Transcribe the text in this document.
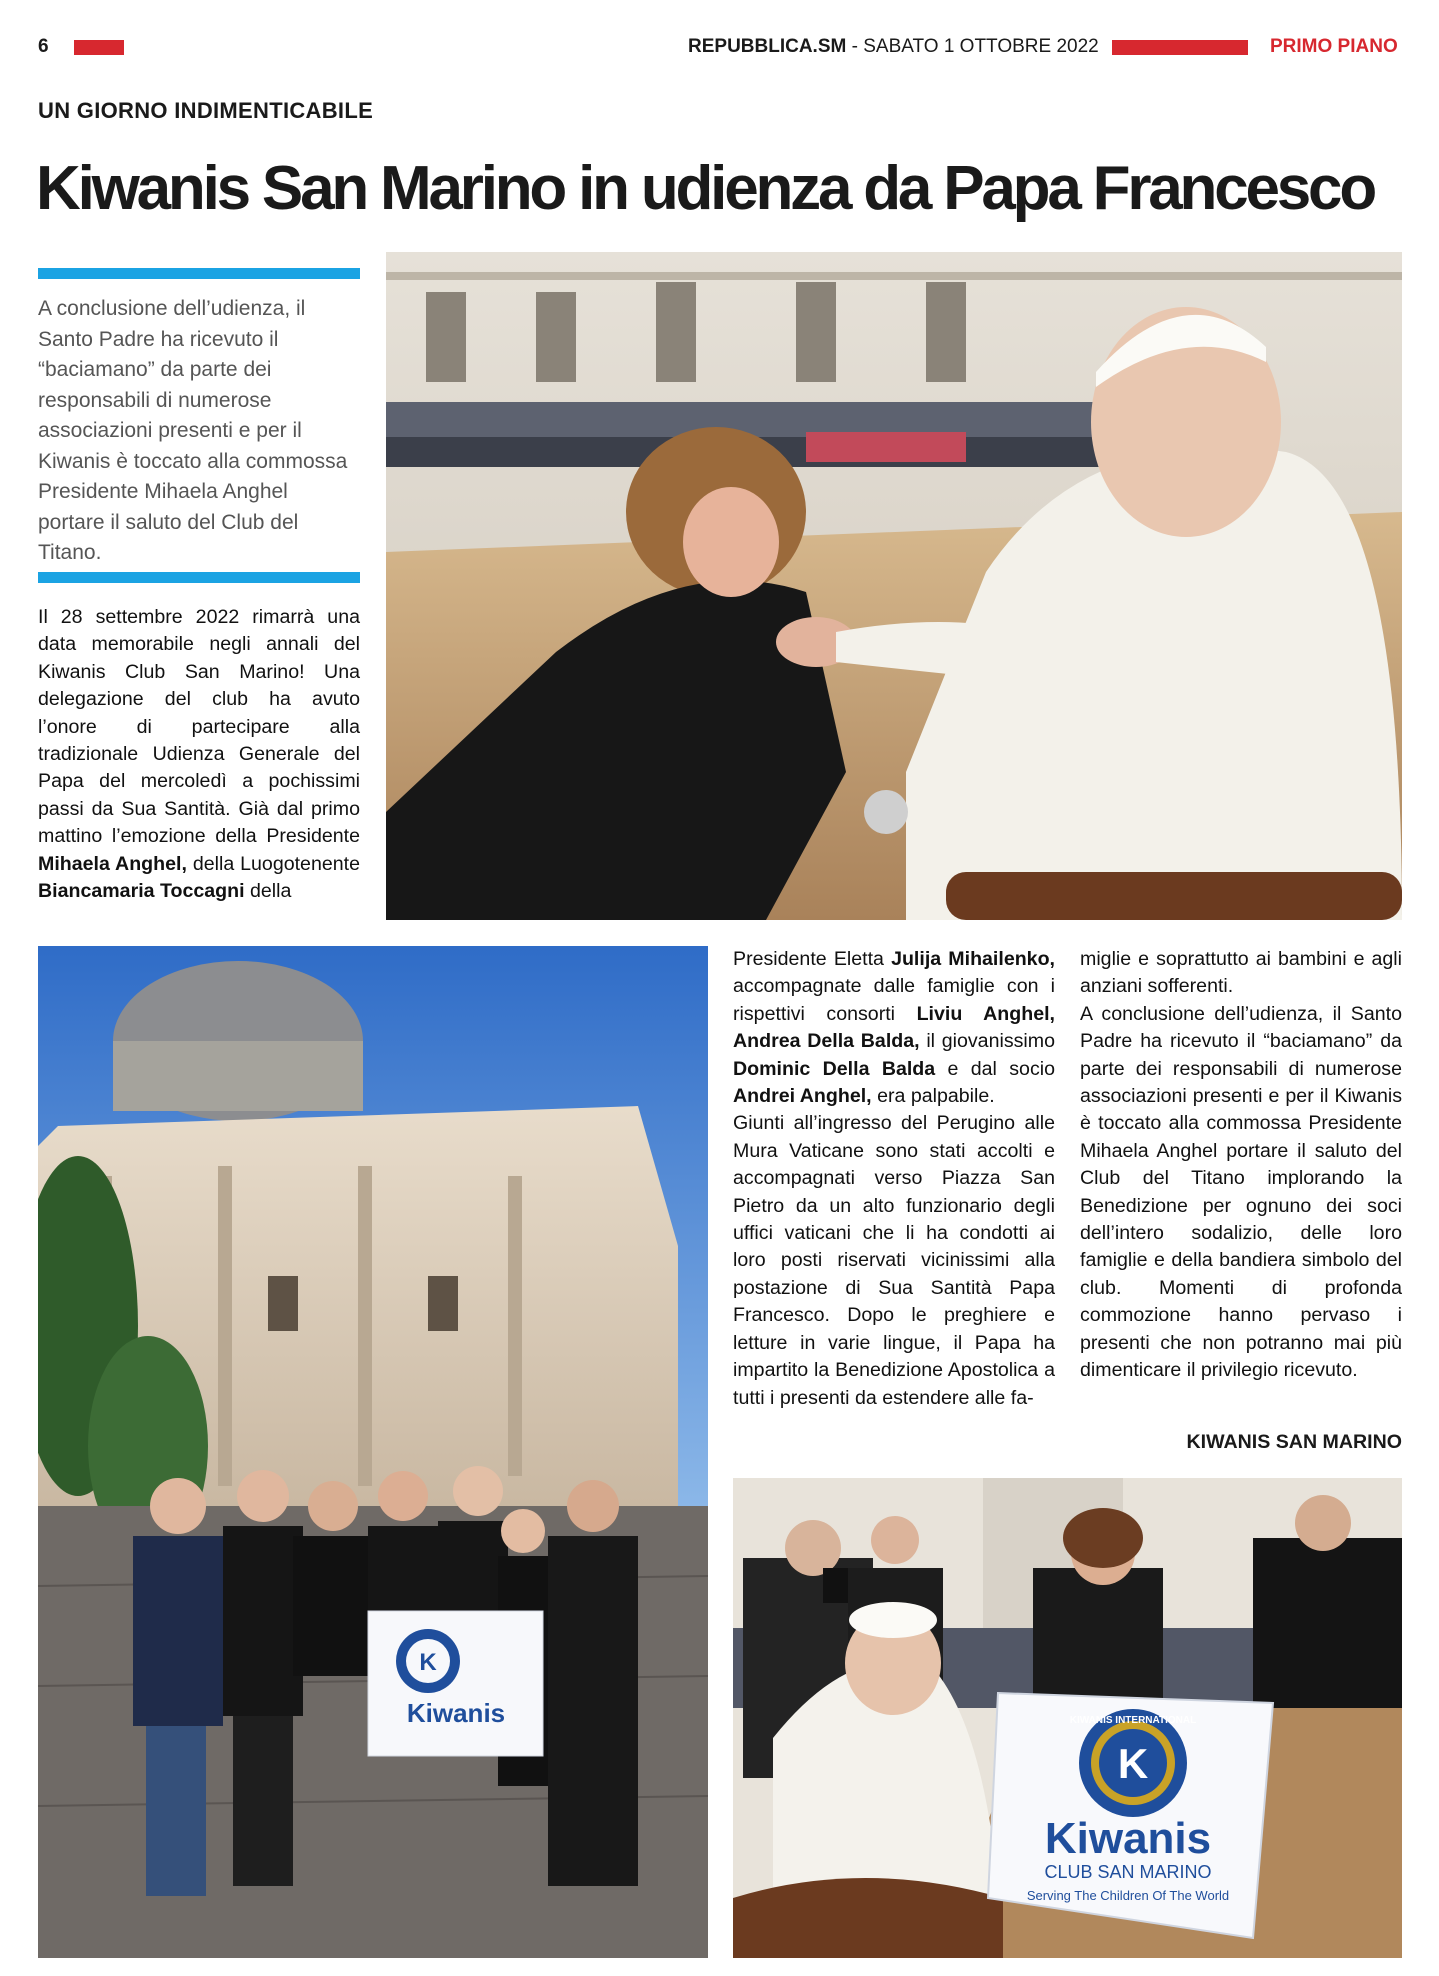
6	REPUBBLICA.SM - SABATO 1 OTTOBRE 2022	PRIMO PIANO
UN GIORNO INDIMENTICABILE
Kiwanis San Marino in udienza da Papa Francesco

A conclusione dell’udienza, il Santo Padre ha ricevuto il “baciamano” da parte dei responsabili di numerose associazioni presenti e per il Kiwanis è toccato alla commossa Presidente Mihaela Anghel portare il saluto del Club del Titano.

Il 28 settembre 2022 rimarrà una data memorabile negli annali del Kiwanis Club San Marino! Una delegazione del club ha avuto l’onore di partecipare alla tradizionale Udienza Generale del Papa del mercoledì a pochissimi passi da Sua Santità. Già dal primo mattino l’emozione della Presidente Mihaela Anghel, della Luogotenente Biancamaria Toccagni della

K
Kiwanis

Presidente Eletta Julija Mihailenko, accompagnate dalle famiglie con i rispettivi consorti Liviu Anghel, Andrea Della Balda, il giovanissimo Dominic Della Balda e dal socio Andrei Anghel, era palpabile.

Giunti all’ingresso del Perugino alle Mura Vaticane sono stati accolti e accompagnati verso Piazza San Pietro da un alto funzionario degli uffici vaticani che li ha condotti ai loro posti riservati vicinissimi alla postazione di Sua Santità Papa Francesco. Dopo le preghiere e letture in varie lingue, il Papa ha impartito la Benedizione Apostolica a tutti i presenti da estendere alle fa-

miglie e soprattutto ai bambini e agli anziani sofferenti.

A conclusione dell’udienza, il Santo Padre ha ricevuto il “baciamano” da parte dei responsabili di numerose associazioni presenti e per il Kiwanis è toccato alla commossa Presidente Mihaela Anghel portare il saluto del Club del Titano implorando la Benedizione per ognuno dei soci dell’intero sodalizio, delle loro famiglie e della bandiera simbolo del club. Momenti di profonda commozione hanno pervaso i presenti che non potranno mai più dimenticare il privilegio ricevuto.

KIWANIS SAN MARINO
K
KIWANIS INTERNATIONAL
Kiwanis
CLUB SAN MARINO
Serving The Children Of The World
